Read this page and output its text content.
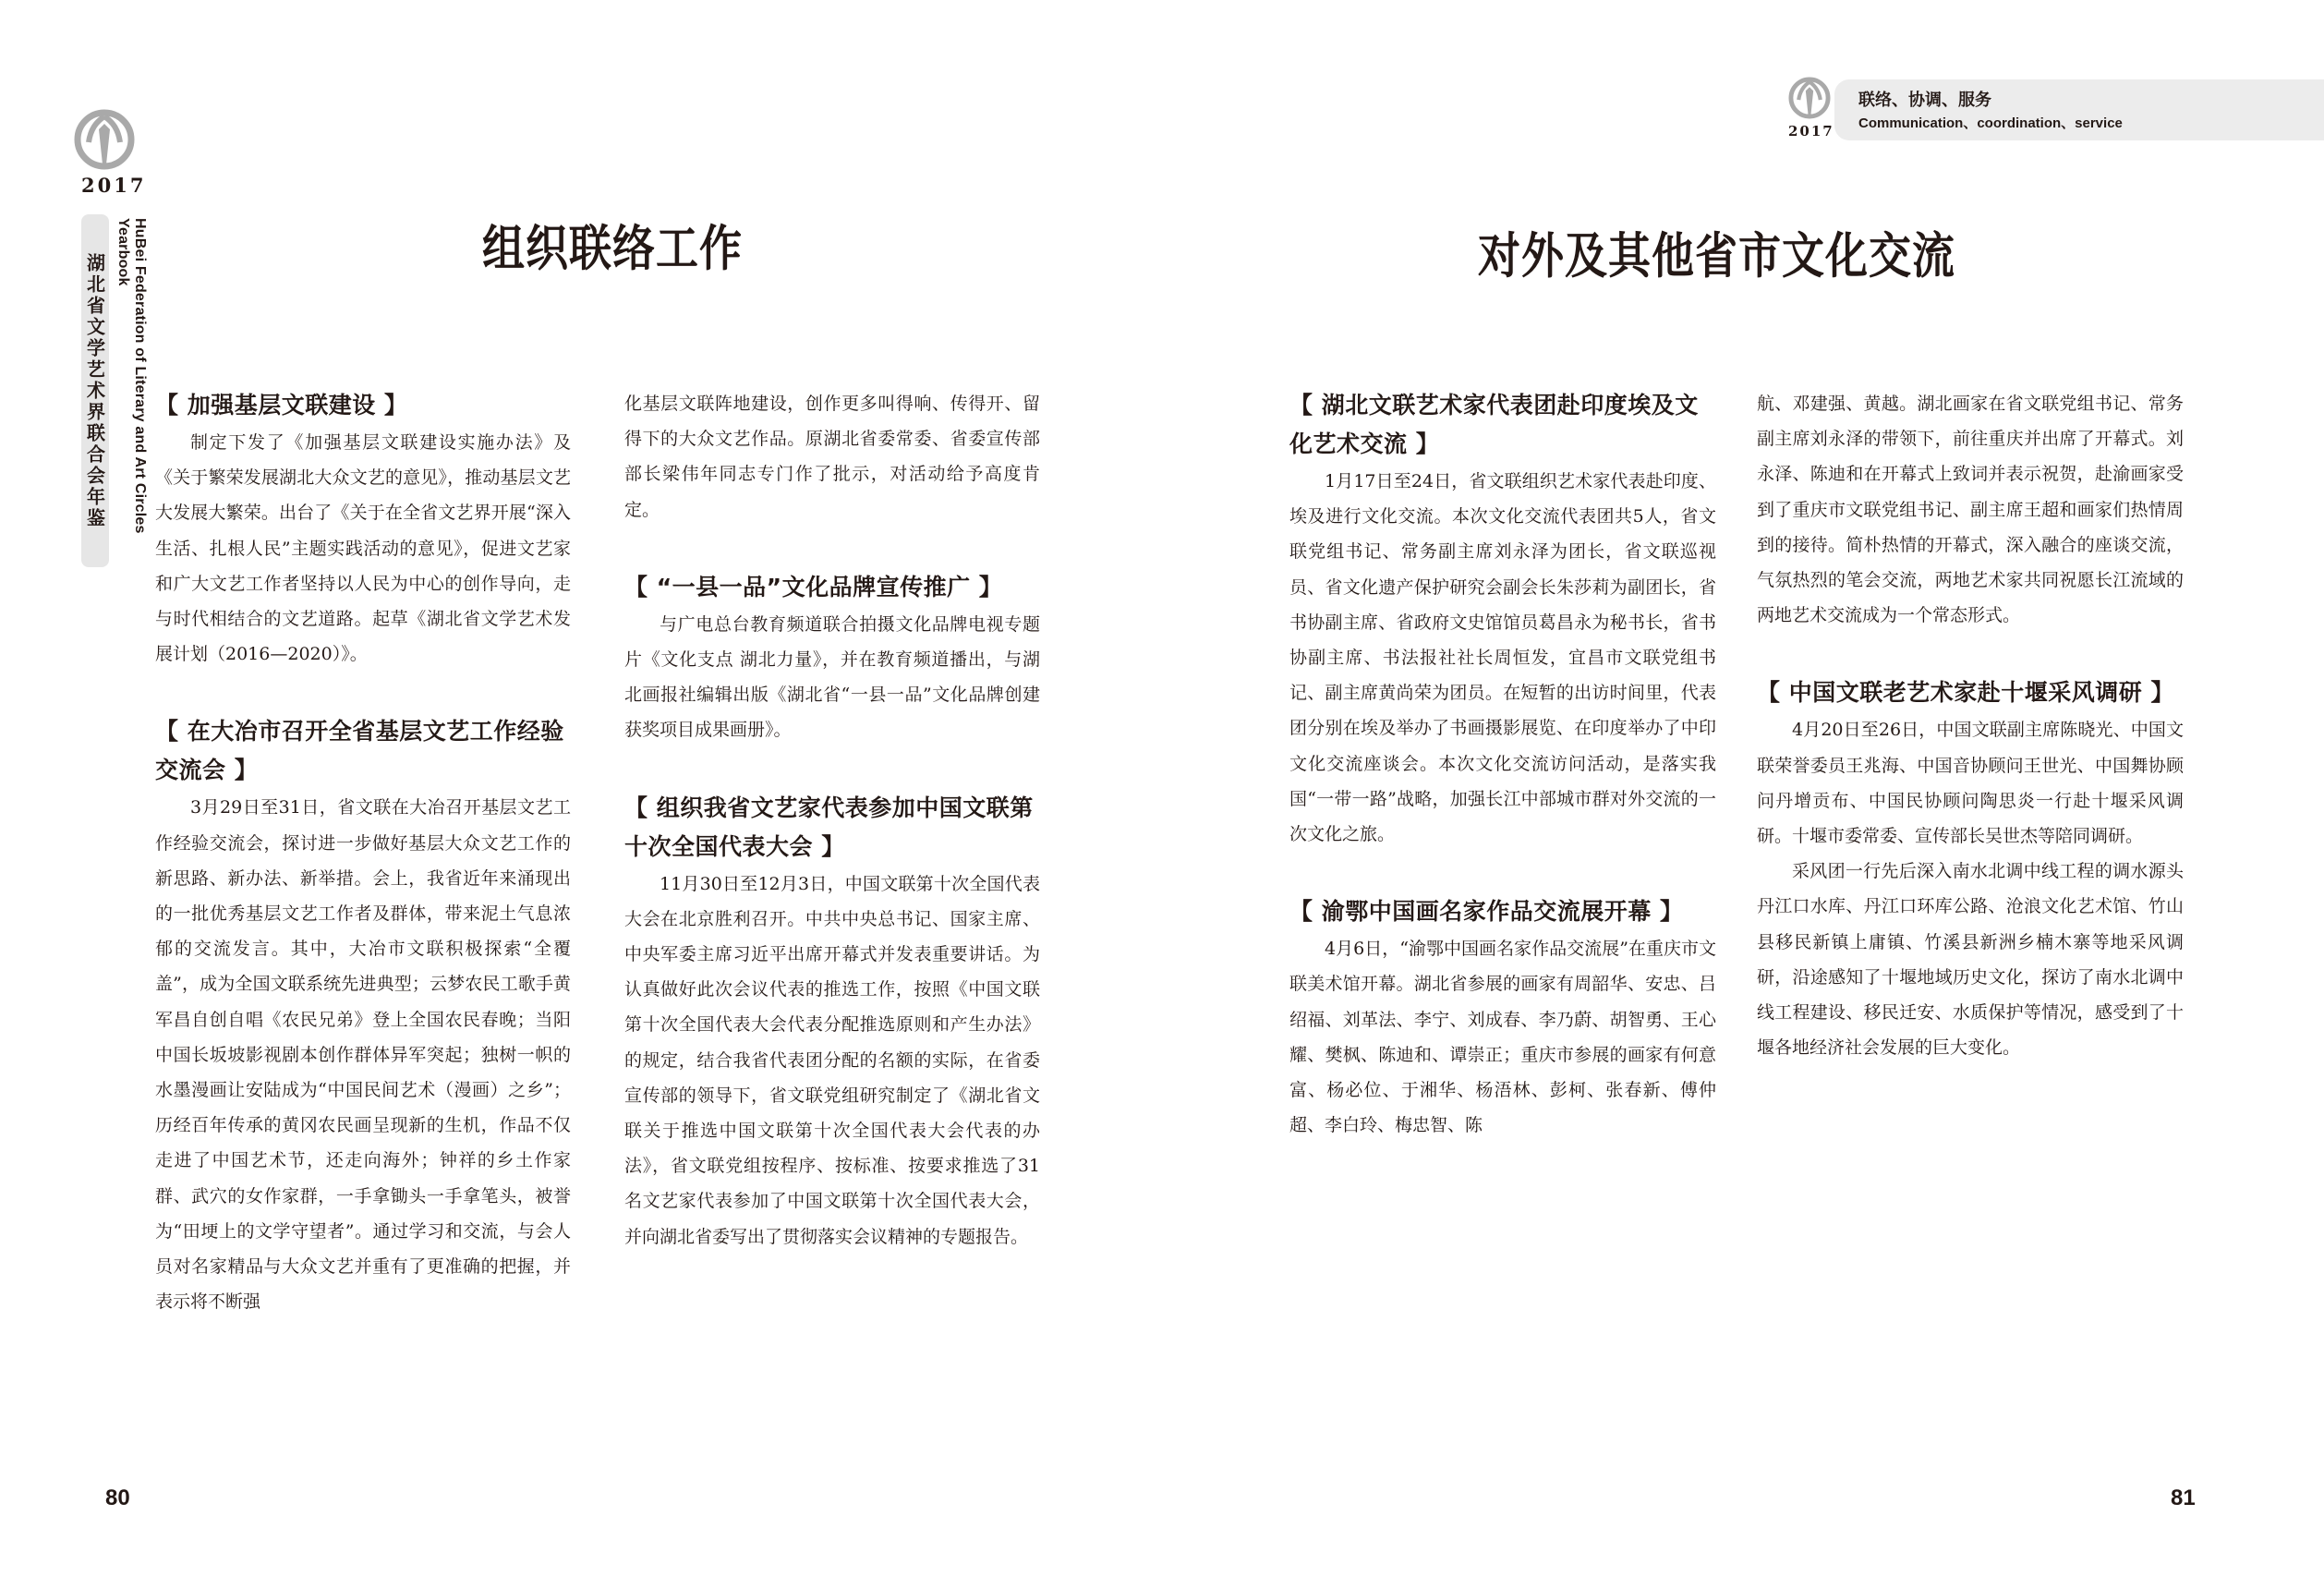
2017
湖北省文学艺术界联合会年鉴	HuBei Federation of Literary and Art Circles Yearbook	组织联络工作
【 加强基层文联建设 】

制定下发了《加强基层文联建设实施办法》及《关于繁荣发展湖北大众文艺的意见》，推动基层文艺大发展大繁荣。出台了《关于在全省文艺界开展“深入生活、扎根人民”主题实践活动的意见》，促进文艺家和广大文艺工作者坚持以人民为中心的创作导向，走与时代相结合的文艺道路。起草《湖北省文学艺术发展计划（2016—2020）》。

【 在大冶市召开全省基层文艺工作经验交流会 】

3月29日至31日，省文联在大冶召开基层文艺工作经验交流会，探讨进一步做好基层大众文艺工作的新思路、新办法、新举措。会上，我省近年来涌现出的一批优秀基层文艺工作者及群体，带来泥土气息浓郁的交流发言。其中，大冶市文联积极探索“全覆盖”，成为全国文联系统先进典型；云梦农民工歌手黄军昌自创自唱《农民兄弟》登上全国农民春晚；当阳中国长坂坡影视剧本创作群体异军突起；独树一帜的水墨漫画让安陆成为“中国民间艺术（漫画）之乡”；历经百年传承的黄冈农民画呈现新的生机，作品不仅走进了中国艺术节，还走向海外；钟祥的乡土作家群、武穴的女作家群，一手拿锄头一手拿笔头，被誉为“田埂上的文学守望者”。通过学习和交流，与会人员对名家精品与大众文艺并重有了更准确的把握，并表示将不断强

化基层文联阵地建设，创作更多叫得响、传得开、留得下的大众文艺作品。原湖北省委常委、省委宣传部部长梁伟年同志专门作了批示，对活动给予高度肯定。

【 “一县一品”文化品牌宣传推广 】

与广电总台教育频道联合拍摄文化品牌电视专题片《文化支点 湖北力量》，并在教育频道播出，与湖北画报社编辑出版《湖北省“一县一品”文化品牌创建获奖项目成果画册》。

【 组织我省文艺家代表参加中国文联第十次全国代表大会 】

11月30日至12月3日，中国文联第十次全国代表大会在北京胜利召开。中共中央总书记、国家主席、中央军委主席习近平出席开幕式并发表重要讲话。为认真做好此次会议代表的推选工作，按照《中国文联第十次全国代表大会代表分配推选原则和产生办法》的规定，结合我省代表团分配的名额的实际，在省委宣传部的领导下，省文联党组研究制定了《湖北省文联关于推选中国文联第十次全国代表大会代表的办法》，省文联党组按程序、按标准、按要求推选了31名文艺家代表参加了中国文联第十次全国代表大会，并向湖北省委写出了贯彻落实会议精神的专题报告。

80
2017
联络、协调、服务
Communication、coordination、service
对外及其他省市文化交流
【 湖北文联艺术家代表团赴印度埃及文化艺术交流 】

1月17日至24日，省文联组织艺术家代表赴印度、埃及进行文化交流。本次文化交流代表团共5人，省文联党组书记、常务副主席刘永泽为团长，省文联巡视员、省文化遗产保护研究会副会长朱莎莉为副团长，省书协副主席、省政府文史馆馆员葛昌永为秘书长，省书协副主席、书法报社社长周恒发，宜昌市文联党组书记、副主席黄尚荣为团员。在短暂的出访时间里，代表团分别在埃及举办了书画摄影展览、在印度举办了中印文化交流座谈会。本次文化交流访问活动，是落实我国“一带一路”战略，加强长江中部城市群对外交流的一次文化之旅。

【 渝鄂中国画名家作品交流展开幕 】

4月6日，“渝鄂中国画名家作品交流展”在重庆市文联美术馆开幕。湖北省参展的画家有周韶华、安忠、吕绍福、刘革法、李宁、刘成春、李乃蔚、胡智勇、王心耀、樊枫、陈迪和、谭崇正；重庆市参展的画家有何意富、杨必位、于湘华、杨浯林、彭柯、张春新、傅仲超、李白玲、梅忠智、陈

航、邓建强、黄越。湖北画家在省文联党组书记、常务副主席刘永泽的带领下，前往重庆并出席了开幕式。刘永泽、陈迪和在开幕式上致词并表示祝贺，赴渝画家受到了重庆市文联党组书记、副主席王超和画家们热情周到的接待。简朴热情的开幕式，深入融合的座谈交流，气氛热烈的笔会交流，两地艺术家共同祝愿长江流域的两地艺术交流成为一个常态形式。

【 中国文联老艺术家赴十堰采风调研 】

4月20日至26日，中国文联副主席陈晓光、中国文联荣誉委员王兆海、中国音协顾问王世光、中国舞协顾问丹增贡布、中国民协顾问陶思炎一行赴十堰采风调研。十堰市委常委、宣传部长吴世杰等陪同调研。

采风团一行先后深入南水北调中线工程的调水源头丹江口水库、丹江口环库公路、沧浪文化艺术馆、竹山县移民新镇上庸镇、竹溪县新洲乡楠木寨等地采风调研，沿途感知了十堰地域历史文化，探访了南水北调中线工程建设、移民迁安、水质保护等情况，感受到了十堰各地经济社会发展的巨大变化。

81
